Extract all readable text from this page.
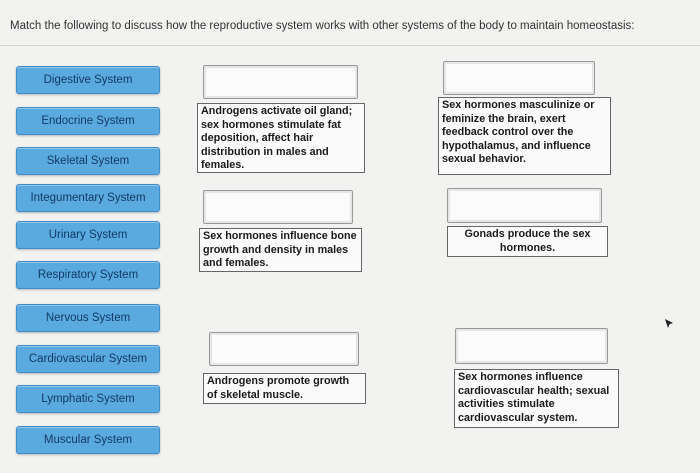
Match the following to discuss how the reproductive system works with other systems of the body to maintain homeostasis:
Digestive System
Endocrine System
Skeletal System
Integumentary System
Urinary System
Respiratory System
Nervous System
Cardiovascular System
Lymphatic System
Muscular System
Androgens activate oil gland; sex hormones stimulate fat deposition, affect hair distribution in males and females.
Sex hormones masculinize or feminize the brain, exert feedback control over the hypothalamus, and influence sexual behavior.
Sex hormones influence bone growth and density in males and females.
Gonads produce the sex hormones.
Androgens promote growth of skeletal muscle.
Sex hormones influence cardiovascular health; sexual activities stimulate cardiovascular system.
